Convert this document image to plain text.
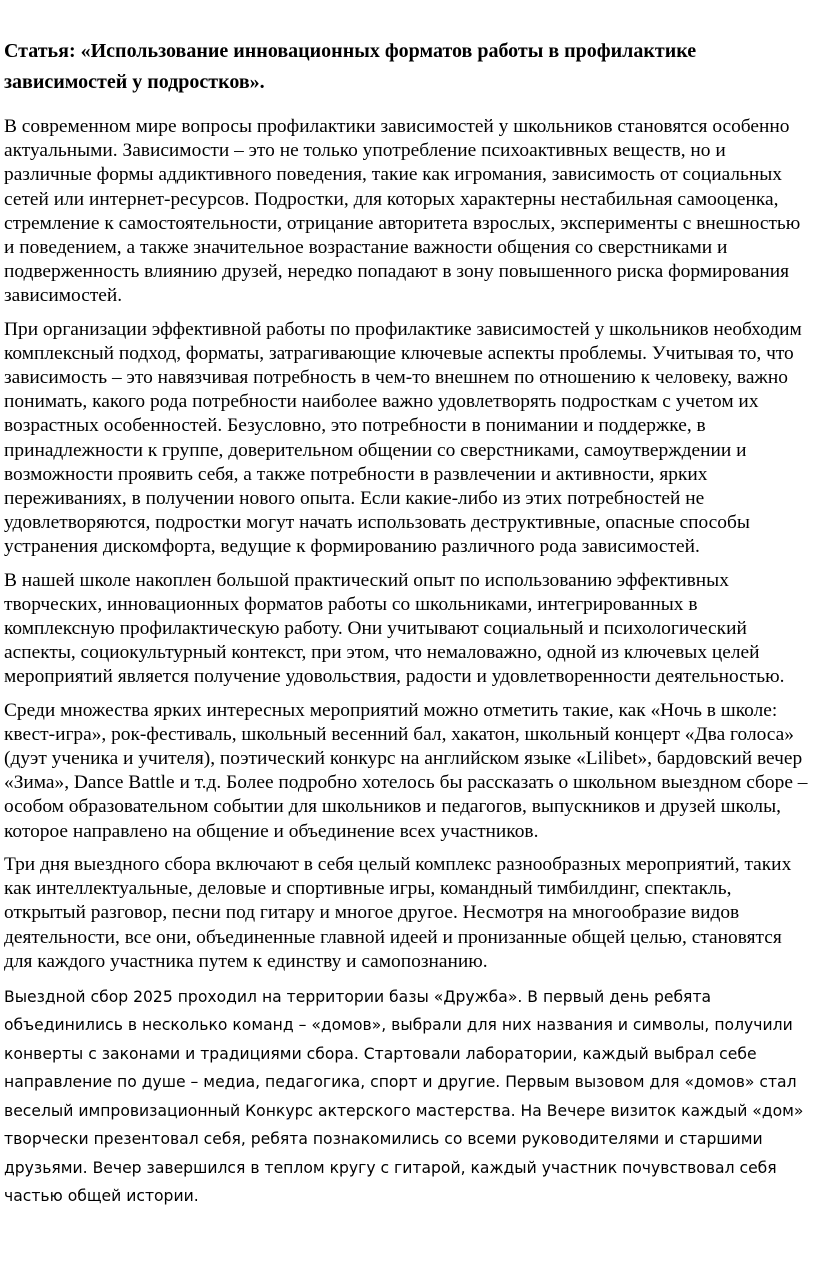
Статья: «Использование инновационных форматов работы в профилактике зависимостей у подростков».

В современном мире вопросы профилактики зависимостей у школьников становятся особенно актуальными. Зависимости – это не только употребление психоактивных веществ, но и различные формы аддиктивного поведения, такие как игромания, зависимость от социальных сетей или интернет-ресурсов. Подростки, для которых характерны нестабильная самооценка, стремление к самостоятельности, отрицание авторитета взрослых, эксперименты с внешностью и поведением, а также значительное возрастание важности общения со сверстниками и подверженность влиянию друзей, нередко попадают в зону повышенного риска формирования зависимостей.

При организации эффективной работы по профилактике зависимостей у школьников необходим комплексный подход, форматы, затрагивающие ключевые аспекты проблемы. Учитывая то, что зависимость – это навязчивая потребность в чем-то внешнем по отношению к человеку, важно понимать, какого рода потребности наиболее важно удовлетворять подросткам с учетом их возрастных особенностей. Безусловно, это потребности в понимании и поддержке, в принадлежности к группе, доверительном общении со сверстниками, самоутверждении и возможности проявить себя, а также потребности в развлечении и активности, ярких переживаниях, в получении нового опыта. Если какие-либо из этих потребностей не удовлетворяются, подростки могут начать использовать деструктивные, опасные способы устранения дискомфорта, ведущие к формированию различного рода зависимостей.

В нашей школе накоплен большой практический опыт по использованию эффективных творческих, инновационных форматов работы со школьниками, интегрированных в комплексную профилактическую работу. Они учитывают социальный и психологический аспекты, социокультурный контекст, при этом, что немаловажно, одной из ключевых целей мероприятий является получение удовольствия, радости и удовлетворенности деятельностью.

Среди множества ярких интересных мероприятий можно отметить такие, как «Ночь в школе: квест-игра», рок-фестиваль, школьный весенний бал, хакатон, школьный концерт «Два голоса» (дуэт ученика и учителя), поэтический конкурс на английском языке «Lilibet», бардовский вечер «Зима», Dance Battle и т.д. Более подробно хотелось бы рассказать о школьном выездном сборе – особом образовательном событии для школьников и педагогов, выпускников и друзей школы, которое направлено на общение и объединение всех участников.

Три дня выездного сбора включают в себя целый комплекс разнообразных мероприятий, таких как интеллектуальные, деловые и спортивные игры, командный тимбилдинг, спектакль, открытый разговор, песни под гитару и многое другое. Несмотря на многообразие видов деятельности, все они, объединенные главной идеей и пронизанные общей целью, становятся для каждого участника путем к единству и самопознанию.

Выездной сбор 2025 проходил на территории базы «Дружба». В первый день ребята объединились в несколько команд – «домов», выбрали для них названия и символы, получили конверты с законами и традициями сбора. Стартовали лаборатории, каждый выбрал себе направление по душе – медиа, педагогика, спорт и другие. Первым вызовом для «домов» стал веселый импровизационный Конкурс актерского мастерства. На Вечере визиток каждый «дом» творчески презентовал себя, ребята познакомились со всеми руководителями и старшими друзьями. Вечер завершился в теплом кругу с гитарой, каждый участник почувствовал себя частью общей истории.
